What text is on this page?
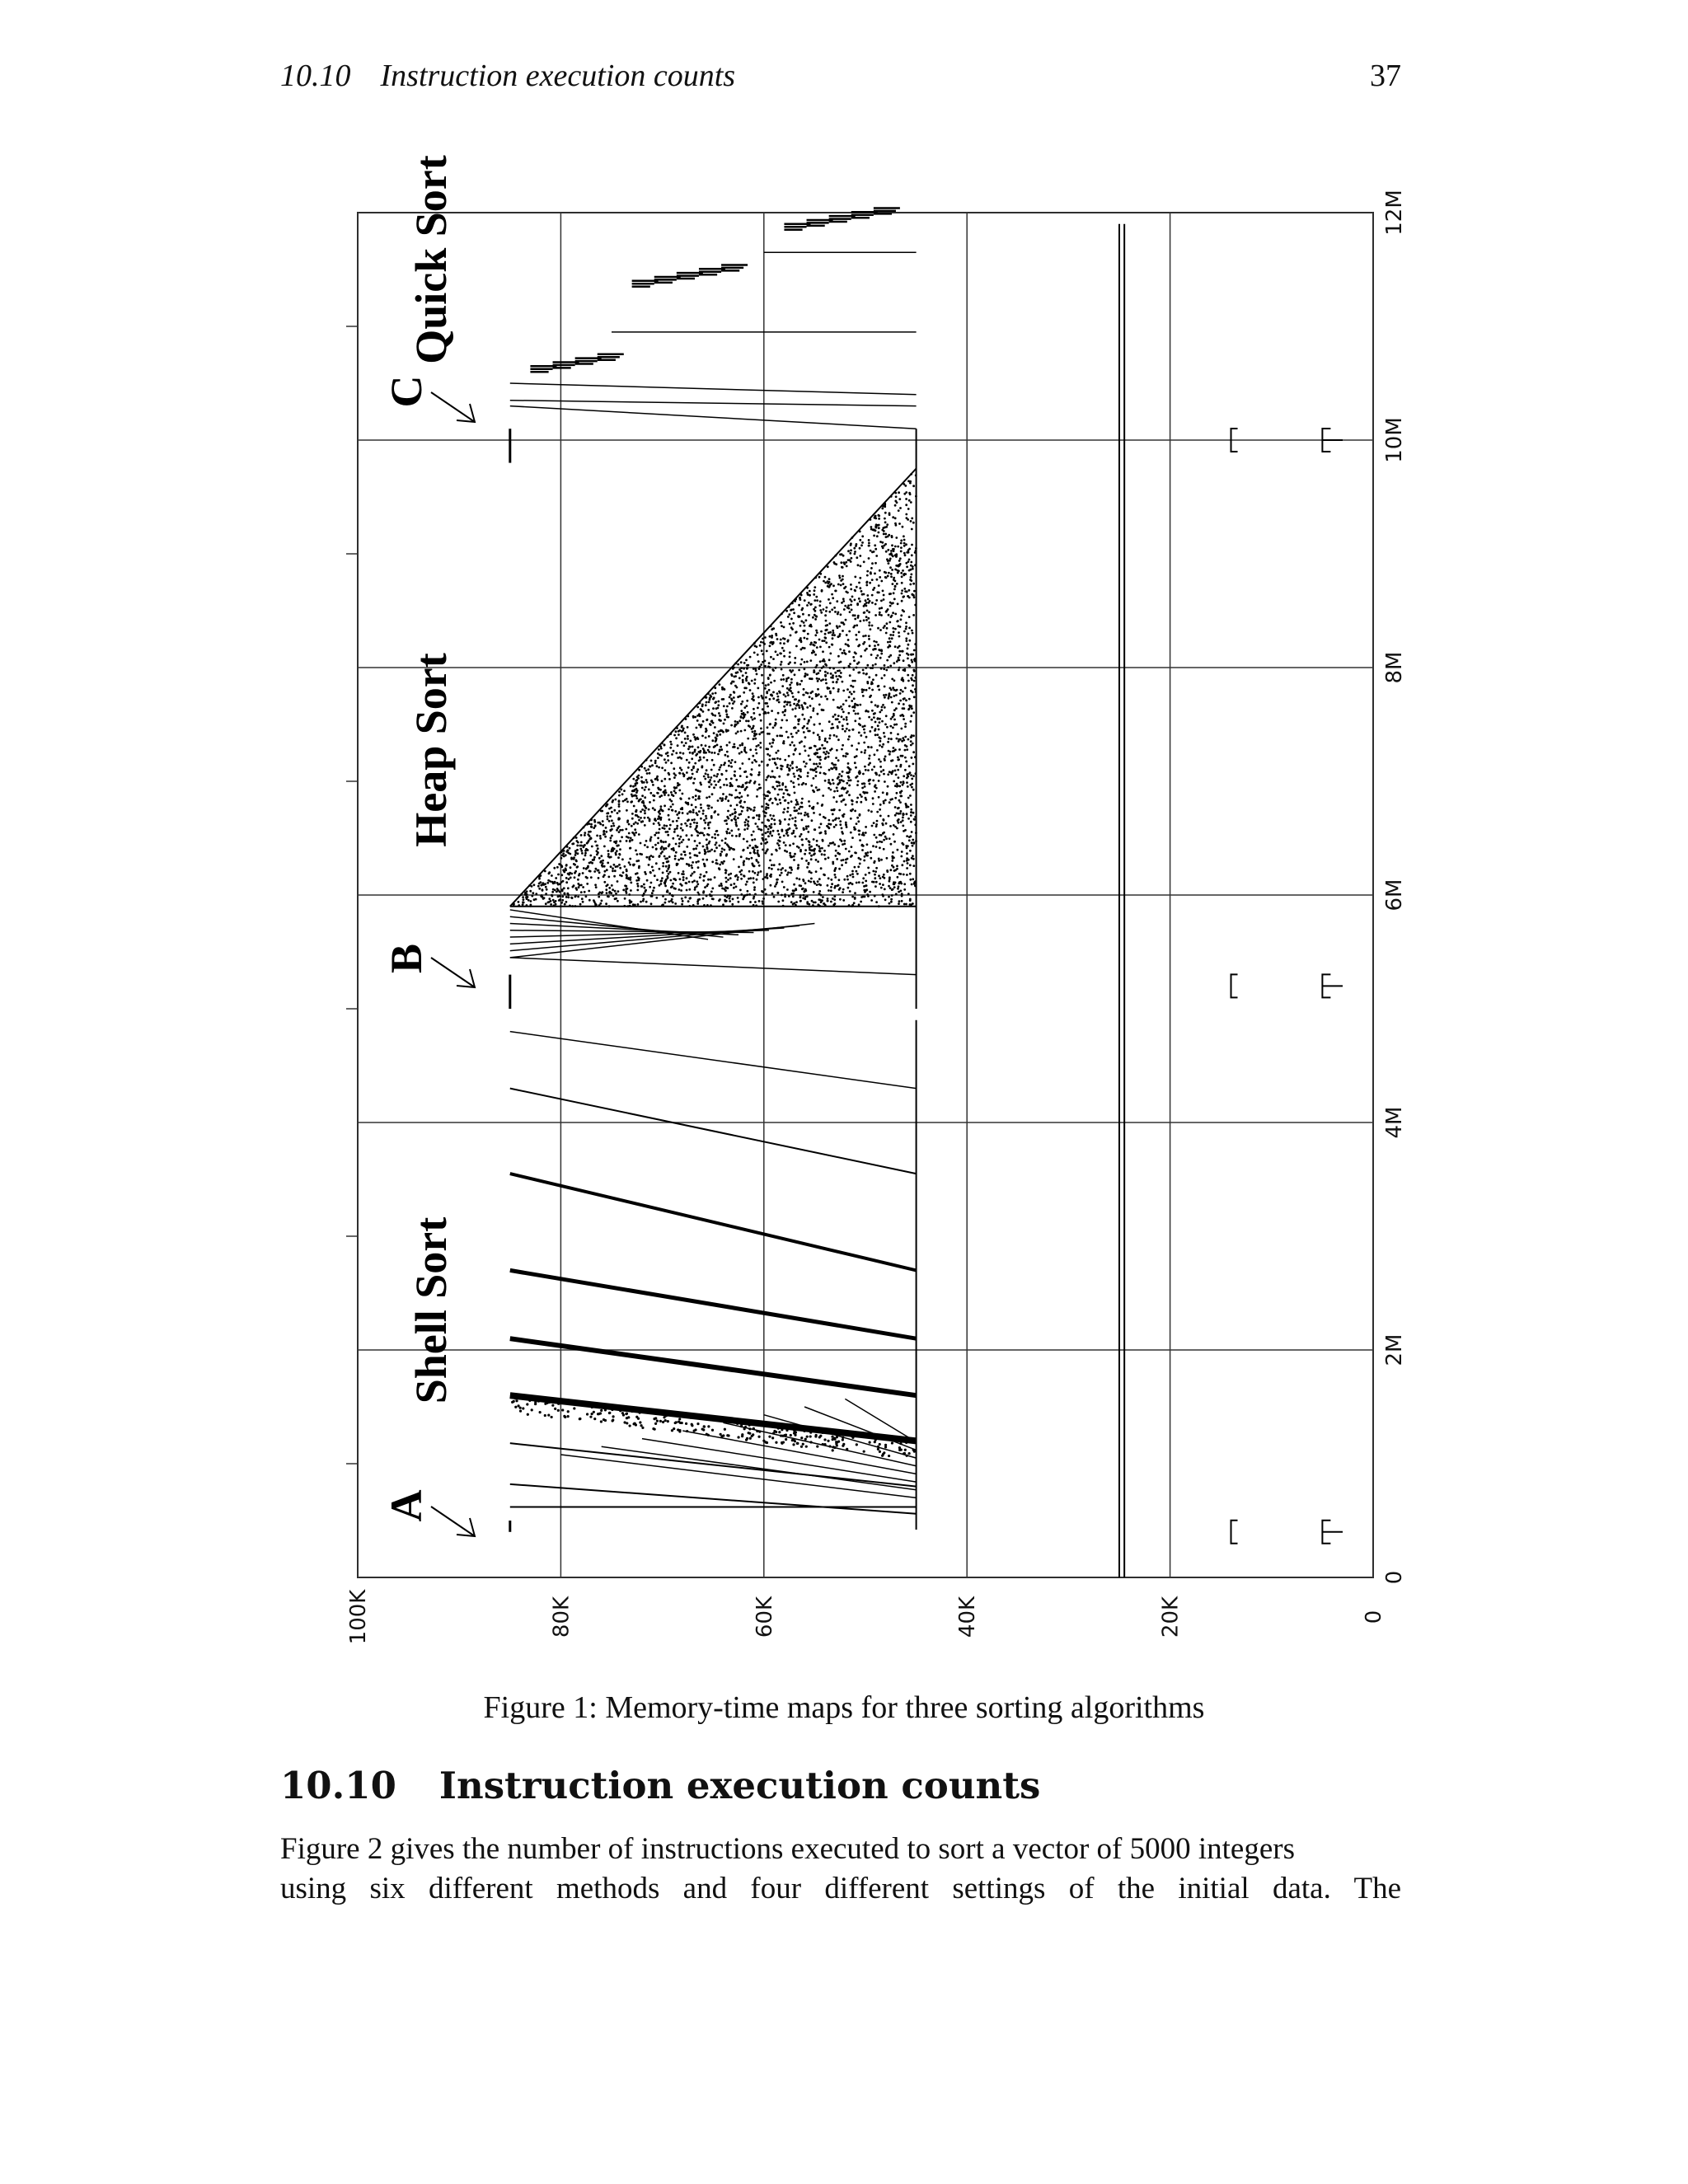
10.10 Instruction execution counts	37
0
2M
4M
6M
8M
10M
12M
100K	80K	60K	40K	20K	0
Quick Sort
Heap Sort
Shell Sort
C
B
A
Figure 1: Memory-time maps for three sorting algorithms
10.10 Instruction execution counts
Figure 2 gives the number of instructions executed to sort a vector of 5000 integers
using six different methods and four different settings of the initial data. The
